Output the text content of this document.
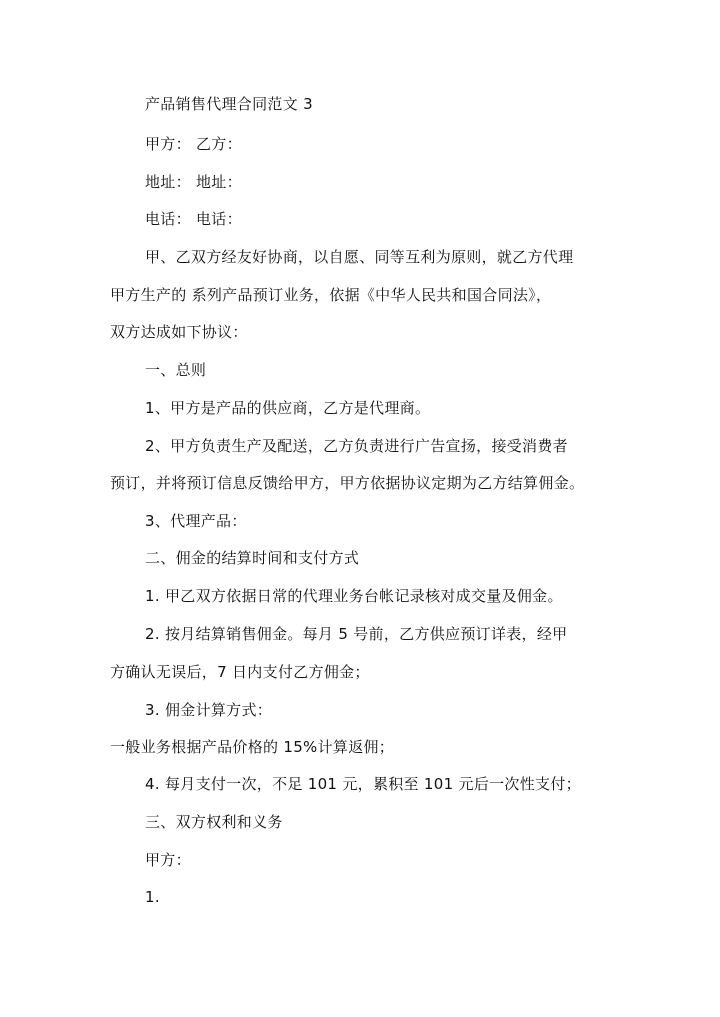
产品销售代理合同范文 3
甲方： 乙方：
地址： 地址：
电话： 电话：
甲、乙双方经友好协商，以自愿、同等互利为原则，就乙方代理
甲方生产的 系列产品预订业务，依据《中华人民共和国合同法》，
双方达成如下协议：
一、总则
1、甲方是产品的供应商，乙方是代理商。
2、甲方负责生产及配送，乙方负责进行广告宣扬，接受消费者
预订，并将预订信息反馈给甲方，甲方依据协议定期为乙方结算佣金。
3、代理产品：
二、佣金的结算时间和支付方式
1. 甲乙双方依据日常的代理业务台帐记录核对成交量及佣金。
2. 按月结算销售佣金。每月 5 号前，乙方供应预订详表，经甲
方确认无误后，7 日内支付乙方佣金；
3. 佣金计算方式：
一般业务根据产品价格的 15%计算返佣；
4. 每月支付一次，不足 101 元，累积至 101 元后一次性支付；
三、双方权利和义务
甲方：
1.
